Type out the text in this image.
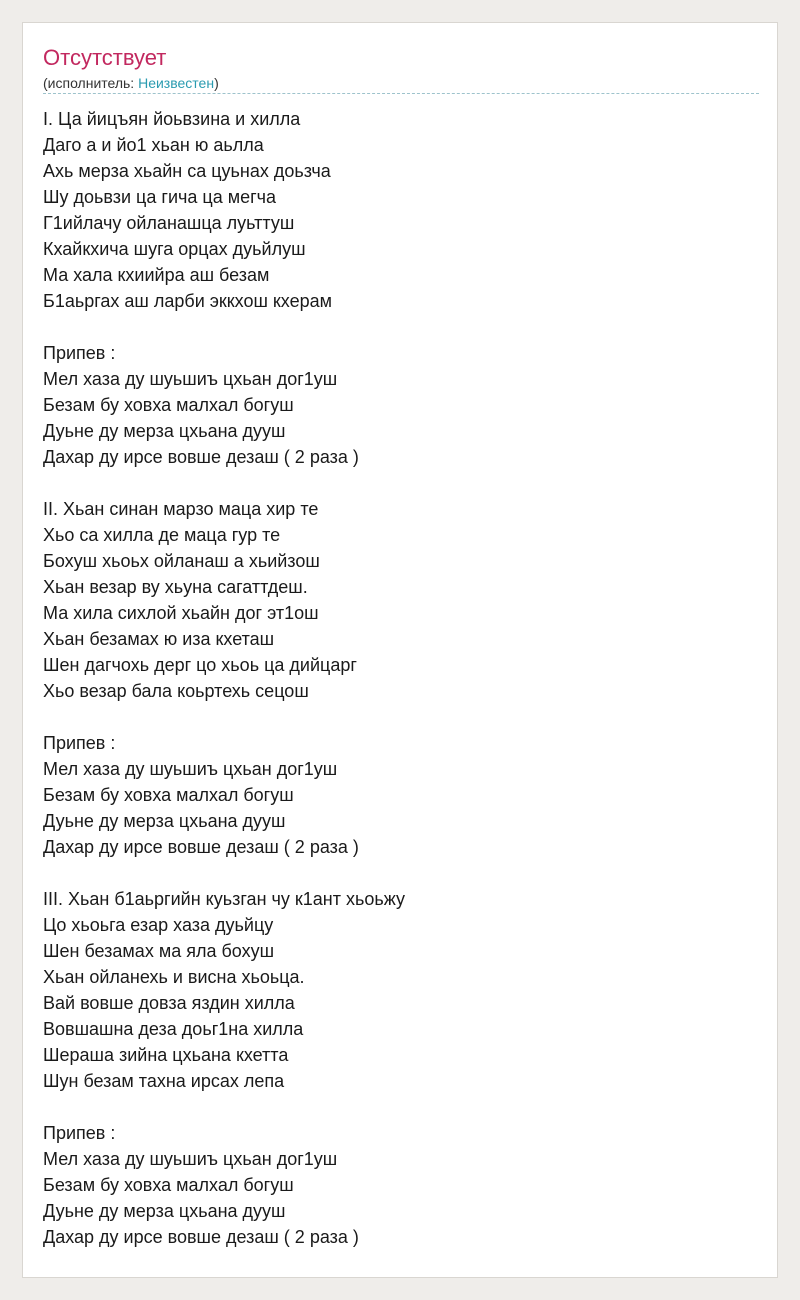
Отсутствует
(исполнитель: Неизвестен)
I. Ца йицъян йоьвзина и хилла
Даго а и йо1 хьан ю аьлла
Ахь мерза хьайн са цуьнах доьзча
Шу доьвзи ца гича ца мегча
Г1ийлачу ойланашца луьттуш
Кхайкхича шуга орцах дуьйлуш
Ма хала кхиийра аш безам
Б1аьргах аш ларби эккхош кхерам
Припев :
Мел хаза ду шуьшиъ цхьан дог1уш
Безам бу ховха малхал богуш
Дуьне ду мерза цхьана дууш
Дахар ду ирсе вовше дезаш ( 2 раза )
II. Хьан синан марзо маца хир те
Хьо са хилла де маца гур те
Бохуш хьоьх ойланаш а хьийзош
Хьан везар ву хьуна сагаттдеш.
Ма хила сихлой хьайн дог эт1ош
Хьан безамах ю иза кхеташ
Шен дагчохь дерг цо хьоь ца дийцарг
Хьо везар бала коьртехь сецош
Припев :
Мел хаза ду шуьшиъ цхьан дог1уш
Безам бу ховха малхал богуш
Дуьне ду мерза цхьана дууш
Дахар ду ирсе вовше дезаш ( 2 раза )
III. Хьан б1аьргийн куьзган чу к1ант хьоьжу
Цо хьоьга езар хаза дуьйцу
Шен безамах ма яла бохуш
Хьан ойланехь и висна хьоьца.
Вай вовше довза яздин хилла
Вовшашна деза доьг1на хилла
Шераша зийна цхьана кхетта
Шун безам тахна ирсах лепа
Припев :
Мел хаза ду шуьшиъ цхьан дог1уш
Безам бу ховха малхал богуш
Дуьне ду мерза цхьана дууш
Дахар ду ирсе вовше дезаш ( 2 раза )
